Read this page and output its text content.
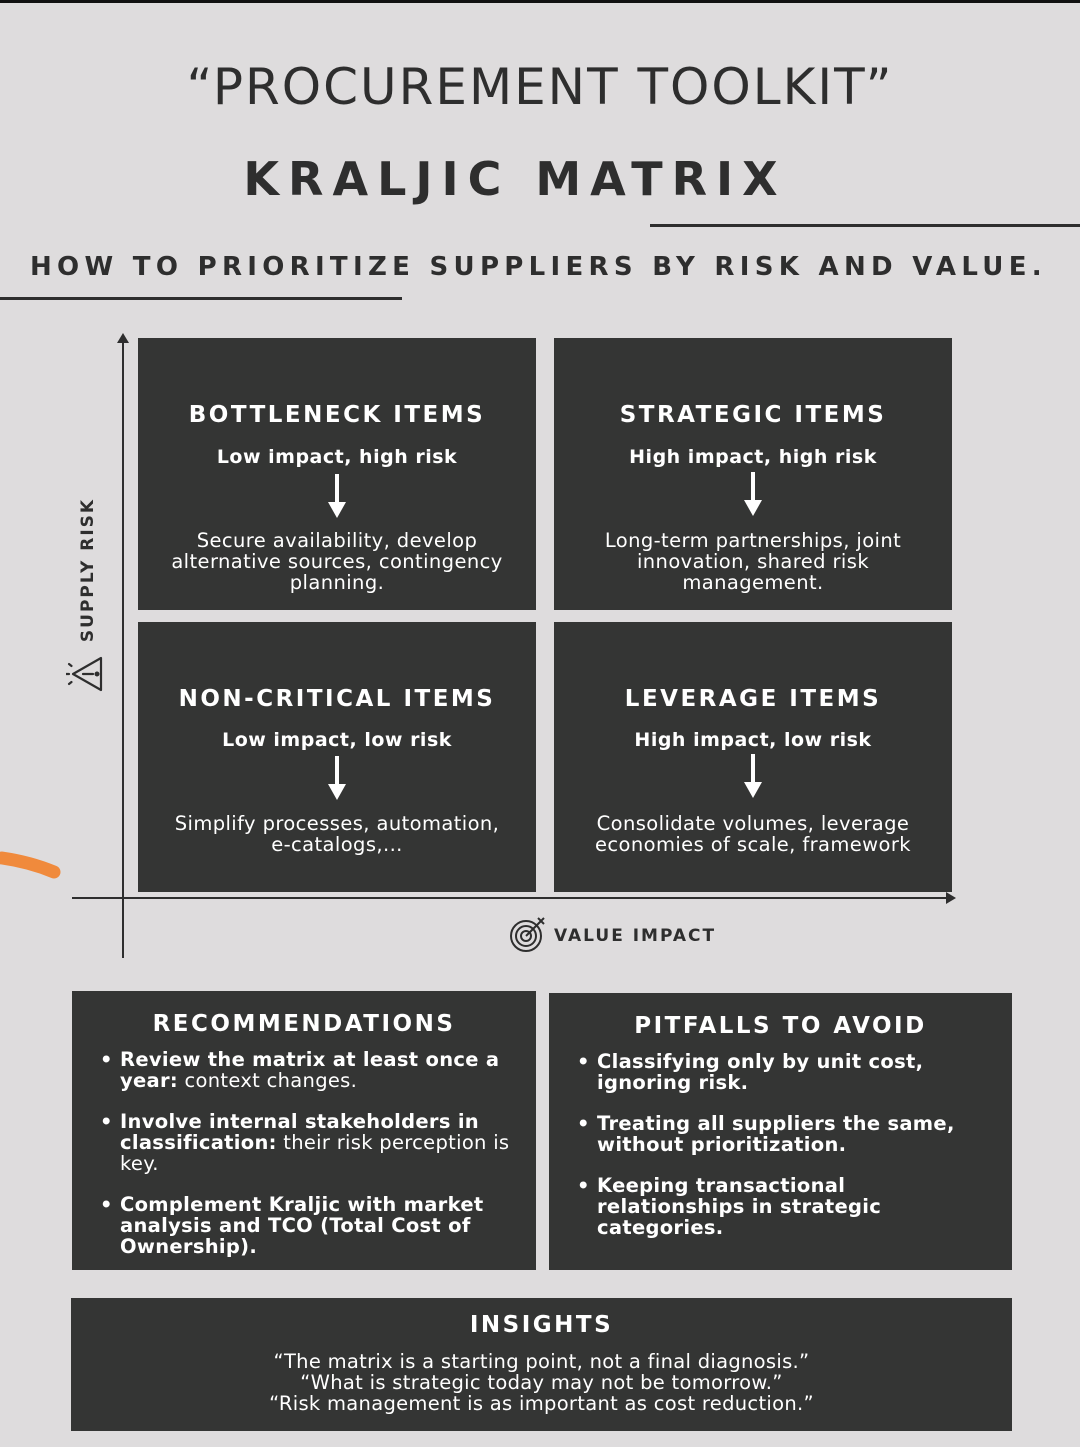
“PROCUREMENT TOOLKIT”
KRALJIC MATRIX
HOW TO PRIORITIZE SUPPLIERS BY RISK AND VALUE.
SUPPLY RISK
VALUE IMPACT
BOTTLENECK ITEMS
Low impact, high risk
Secure availability, develop
alternative sources, contingency
planning.
STRATEGIC ITEMS
High impact, high risk
Long-term partnerships, joint
innovation, shared risk
management.
NON-CRITICAL ITEMS
Low impact, low risk
Simplify processes, automation,
e-catalogs,...
LEVERAGE ITEMS
High impact, low risk
Consolidate volumes, leverage
economies of scale, framework
RECOMMENDATIONS
• Review the matrix at least once a year: context changes.
• Involve internal stakeholders in classification: their risk perception is key.
• Complement Kraljic with market analysis and TCO (Total Cost of Ownership).
PITFALLS TO AVOID
• Classifying only by unit cost, ignoring risk.
• Treating all suppliers the same, without prioritization.
• Keeping transactional relationships in strategic categories.
INSIGHTS
“The matrix is a starting point, not a final diagnosis.”
“What is strategic today may not be tomorrow.”
“Risk management is as important as cost reduction.”
